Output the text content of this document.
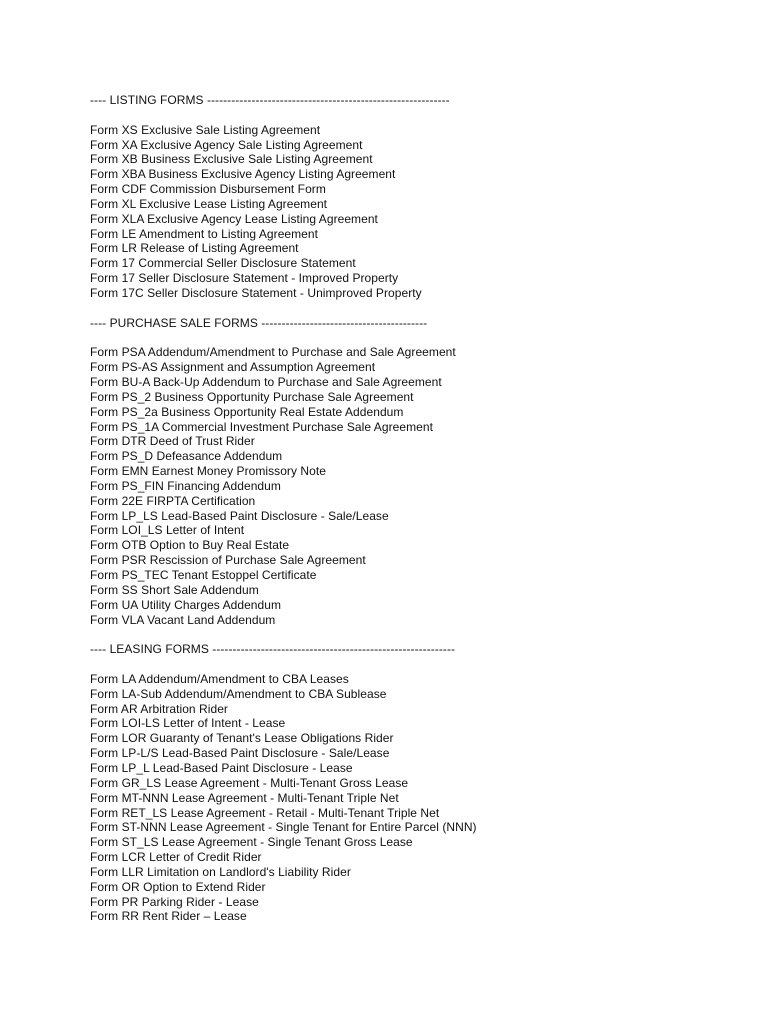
---- LISTING FORMS ------------------------------------------------------------
Form XS Exclusive Sale Listing Agreement
Form XA Exclusive Agency Sale Listing Agreement
Form XB Business Exclusive Sale Listing Agreement
Form XBA Business Exclusive Agency Listing Agreement
Form CDF Commission Disbursement Form
Form XL Exclusive Lease Listing Agreement
Form XLA Exclusive Agency Lease Listing Agreement
Form LE Amendment to Listing Agreement
Form LR Release of Listing Agreement
Form 17 Commercial Seller Disclosure Statement
Form 17 Seller Disclosure Statement - Improved Property
Form 17C Seller Disclosure Statement - Unimproved Property
---- PURCHASE SALE FORMS -----------------------------------------
Form PSA Addendum/Amendment to Purchase and Sale Agreement
Form PS-AS Assignment and Assumption Agreement
Form BU-A Back-Up Addendum to Purchase and Sale Agreement
Form PS_2 Business Opportunity Purchase Sale Agreement
Form PS_2a Business Opportunity Real Estate Addendum
Form PS_1A Commercial Investment Purchase Sale Agreement
Form DTR Deed of Trust Rider
Form PS_D Defeasance Addendum
Form EMN Earnest Money Promissory Note
Form PS_FIN Financing Addendum
Form 22E FIRPTA Certification
Form LP_LS Lead-Based Paint Disclosure - Sale/Lease
Form LOI_LS Letter of Intent
Form OTB Option to Buy Real Estate
Form PSR Rescission of Purchase Sale Agreement
Form PS_TEC Tenant Estoppel Certificate
Form SS Short Sale Addendum
Form UA Utility Charges Addendum
Form VLA Vacant Land Addendum
---- LEASING FORMS ------------------------------------------------------------
Form LA Addendum/Amendment to CBA Leases
Form LA-Sub Addendum/Amendment to CBA Sublease
Form AR Arbitration Rider
Form LOI-LS Letter of Intent - Lease
Form LOR Guaranty of Tenant's Lease Obligations Rider
Form LP-L/S Lead-Based Paint Disclosure - Sale/Lease
Form LP_L Lead-Based Paint Disclosure - Lease
Form GR_LS Lease Agreement - Multi-Tenant Gross Lease
Form MT-NNN Lease Agreement - Multi-Tenant Triple Net
Form RET_LS Lease Agreement - Retail - Multi-Tenant Triple Net
Form ST-NNN Lease Agreement - Single Tenant for Entire Parcel (NNN)
Form ST_LS Lease Agreement - Single Tenant Gross Lease
Form LCR Letter of Credit Rider
Form LLR Limitation on Landlord's Liability Rider
Form OR Option to Extend Rider
Form PR Parking Rider - Lease
Form RR Rent Rider – Lease
